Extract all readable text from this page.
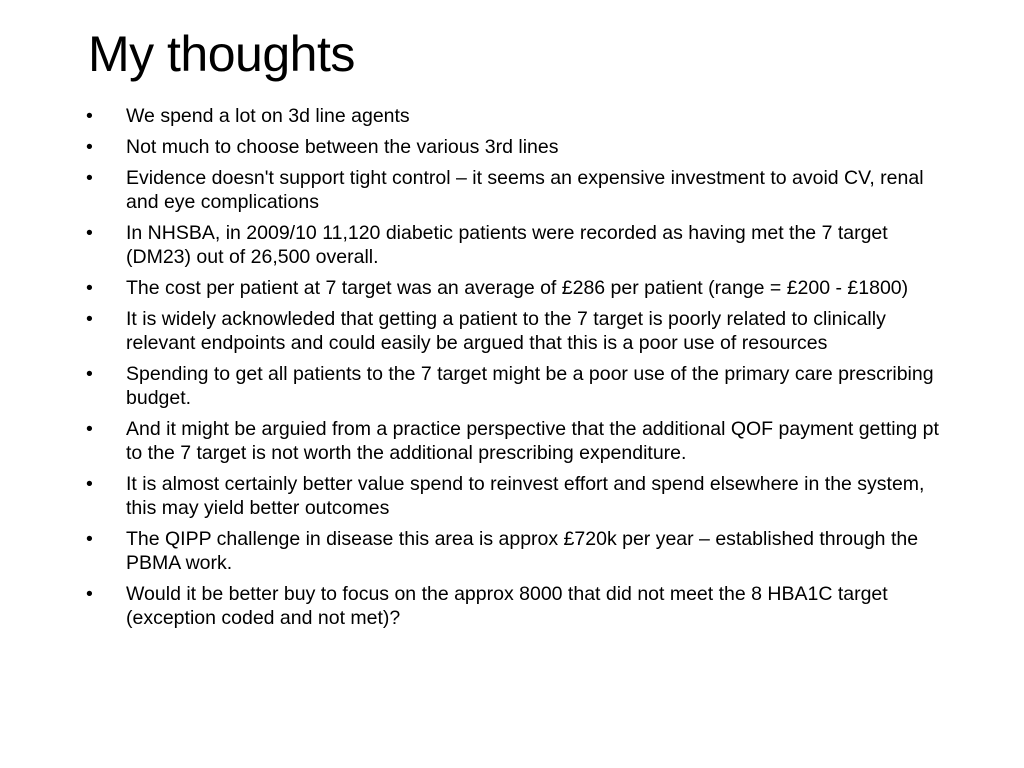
My thoughts
• We spend a lot on 3d line agents
• Not much to choose between the various 3rd lines
• Evidence doesn't support tight control – it seems an expensive investment to avoid CV, renal and eye complications
• In NHSBA, in 2009/10 11,120 diabetic patients were recorded as having met the 7 target (DM23) out of 26,500 overall.
• The cost per patient at 7 target was an average of £286 per patient (range = £200 - £1800)
• It is widely acknowleded that getting a patient to the 7 target is poorly related to clinically relevant endpoints and could easily be argued that this is a poor use of resources
• Spending to get all patients to the 7 target might be a poor use of the primary care prescribing budget.
• And it might be arguied from a practice perspective that the additional QOF payment getting pt to the 7 target is not worth the additional prescribing expenditure.
• It is almost certainly better value spend to reinvest effort and spend elsewhere in the system, this may yield better outcomes
• The QIPP challenge in disease this area is approx £720k per year – established through the PBMA work.
• Would it be better buy to focus on the approx 8000 that did not meet the 8 HBA1C target (exception coded and not met)?
